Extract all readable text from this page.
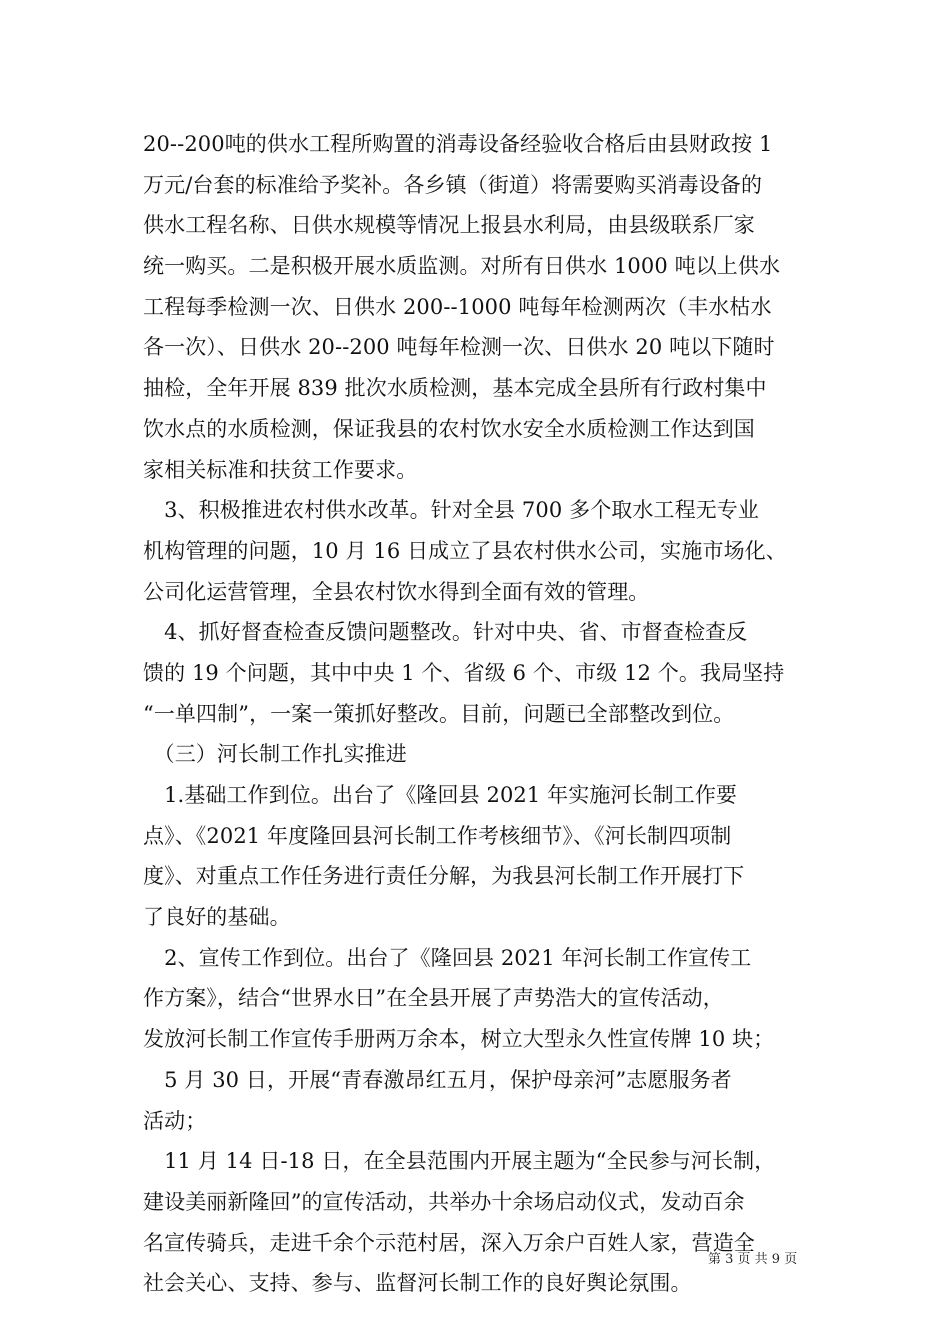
20--200吨的供水工程所购置的消毒设备经验收合格后由县财政按 1
万元/台套的标准给予奖补。各乡镇（街道）将需要购买消毒设备的
供水工程名称、日供水规模等情况上报县水利局，由县级联系厂家
统一购买。二是积极开展水质监测。对所有日供水 1000 吨以上供水
工程每季检测一次、日供水 200--1000 吨每年检测两次（丰水枯水
各一次）、日供水 20--200 吨每年检测一次、日供水 20 吨以下随时
抽检，全年开展 839 批次水质检测，基本完成全县所有行政村集中
饮水点的水质检测，保证我县的农村饮水安全水质检测工作达到国
家相关标准和扶贫工作要求。
　3、积极推进农村供水改革。针对全县 700 多个取水工程无专业
机构管理的问题，10 月 16 日成立了县农村供水公司，实施市场化、
公司化运营管理，全县农村饮水得到全面有效的管理。
　4、抓好督查检查反馈问题整改。针对中央、省、市督查检查反
馈的 19 个问题，其中中央 1 个、省级 6 个、市级 12 个。我局坚持
“一单四制”，一案一策抓好整改。目前，问题已全部整改到位。
　（三）河长制工作扎实推进
　1.基础工作到位。出台了《隆回县 2021 年实施河长制工作要
点》、《2021 年度隆回县河长制工作考核细节》、《河长制四项制
度》、对重点工作任务进行责任分解，为我县河长制工作开展打下
了良好的基础。
　2、宣传工作到位。出台了《隆回县 2021 年河长制工作宣传工
作方案》，结合“世界水日”在全县开展了声势浩大的宣传活动，
发放河长制工作宣传手册两万余本，树立大型永久性宣传牌 10 块；
　5 月 30 日，开展“青春激昂红五月，保护母亲河”志愿服务者
活动；
　11 月 14 日-18 日，在全县范围内开展主题为“全民参与河长制，
建设美丽新隆回”的宣传活动，共举办十余场启动仪式，发动百余
名宣传骑兵，走进千余个示范村居，深入万余户百姓人家，营造全
社会关心、支持、参与、监督河长制工作的良好舆论氛围。
第 3 页 共 9 页
